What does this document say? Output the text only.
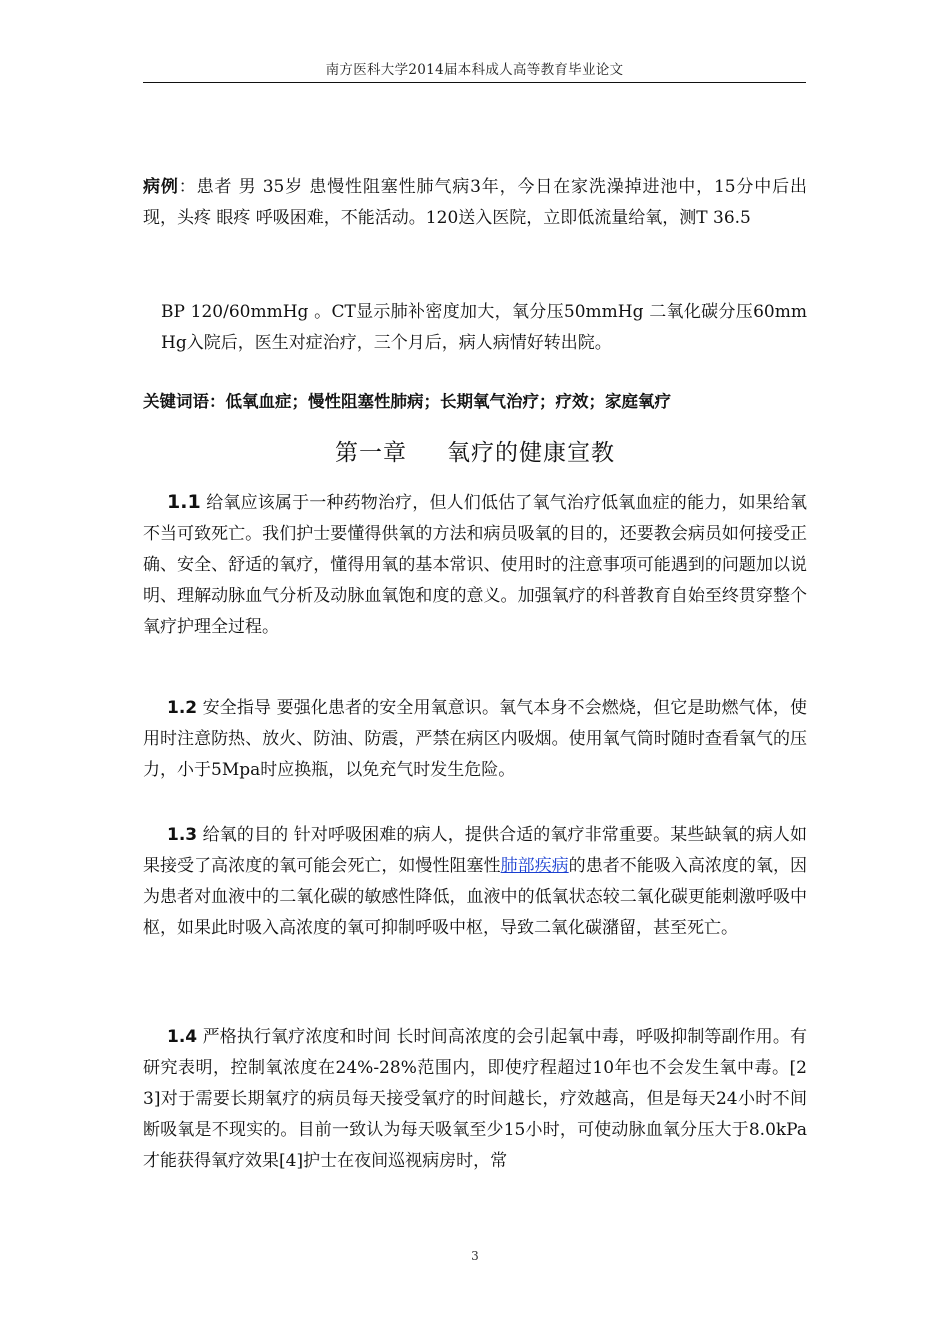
南方医科大学2014届本科成人高等教育毕业论文
病例：患者 男 35岁 患慢性阻塞性肺气病3年，今日在家洗澡掉进池中，15分中后出现，头疼 眼疼 呼吸困难，不能活动。120送入医院，立即低流量给氧，测T 36.5
BP 120/60mmHg 。CT显示肺补密度加大，氧分压50mmHg 二氧化碳分压60mmHg入院后，医生对症治疗，三个月后，病人病情好转出院。
关键词语：低氧血症；慢性阻塞性肺病；长期氧气治疗；疗效；家庭氧疗
第一章 氧疗的健康宣教
1.1 给氧应该属于一种药物治疗，但人们低估了氧气治疗低氧血症的能力，如果给氧不当可致死亡。我们护士要懂得供氧的方法和病员吸氧的目的，还要教会病员如何接受正确、安全、舒适的氧疗，懂得用氧的基本常识、使用时的注意事项可能遇到的问题加以说明、理解动脉血气分析及动脉血氧饱和度的意义。加强氧疗的科普教育自始至终贯穿整个氧疗护理全过程。
1.2 安全指导 要强化患者的安全用氧意识。氧气本身不会燃烧，但它是助燃气体，使用时注意防热、放火、防油、防震，严禁在病区内吸烟。使用氧气筒时随时查看氧气的压力，小于5Mpa时应换瓶，以免充气时发生危险。
1.3 给氧的目的 针对呼吸困难的病人，提供合适的氧疗非常重要。某些缺氧的病人如果接受了高浓度的氧可能会死亡，如慢性阻塞性肺部疾病的患者不能吸入高浓度的氧，因为患者对血液中的二氧化碳的敏感性降低，血液中的低氧状态较二氧化碳更能刺激呼吸中枢，如果此时吸入高浓度的氧可抑制呼吸中枢，导致二氧化碳潴留，甚至死亡。
1.4 严格执行氧疗浓度和时间 长时间高浓度的会引起氧中毒，呼吸抑制等副作用。有研究表明，控制氧浓度在24%-28%范围内，即使疗程超过10年也不会发生氧中毒。[2 3]对于需要长期氧疗的病员每天接受氧疗的时间越长，疗效越高，但是每天24小时不间断吸氧是不现实的。目前一致认为每天吸氧至少15小时，可使动脉血氧分压大于8.0kPa才能获得氧疗效果[4]护士在夜间巡视病房时，常
3
